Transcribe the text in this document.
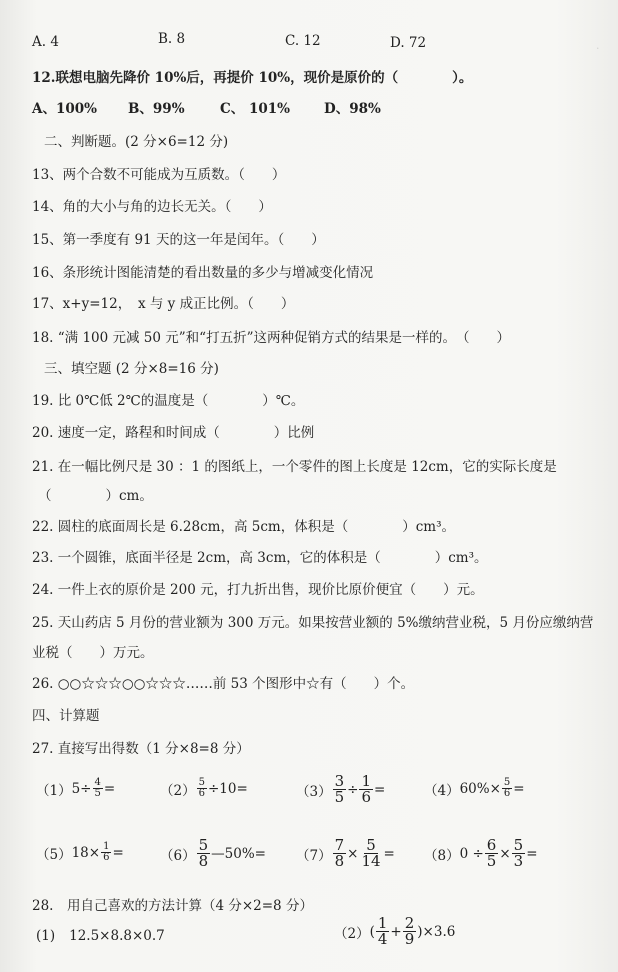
·
A. 4	B. 8	C. 12	D. 72
12.联想电脑先降价 10%后，再提价 10%，现价是原价的（　　　　）。
A、100% B、99%	C、 101%	D、98%
二、判断题。(2 分×6=12 分)
13、两个合数不可能成为互质数。（　　）
14、角的大小与角的边长无关。（　　）
15、第一季度有 91 天的这一年是闰年。（　　）
16、条形统计图能清楚的看出数量的多少与增减变化情况
17、x+y=12，　x 与 y 成正比例。（　　）
18. “满 100 元减 50 元”和“打五折”这两种促销方式的结果是一样的。　（　　）
三、填空题 (2 分×8=16 分)
19. 比 0℃低 2℃的温度是（　　　　）℃。
20. 速度一定，路程和时间成（　　　　）比例
21. 在一幅比例尺是 30 ：1 的图纸上，一个零件的图上长度是 12cm，它的实际长度是
（　　　　）cm。
22. 圆柱的底面周长是 6.28cm，高 5cm，体积是（　　　　）cm³。
23. 一个圆锥，底面半径是 2cm，高 3cm，它的体积是（　　　　）cm³。
24. 一件上衣的原价是 200 元，打九折出售，现价比原价便宜（　　）元。
25. 天山药店 5 月份的营业额为 300 万元。如果按营业额的 5%缴纳营业税，5 月份应缴纳营
业税（　　）万元。
26. ○○☆☆☆○○☆☆☆……前 53 个图形中☆有（　　）个。
四、计算题
27. 直接写出得数（1 分×8=8 分）
（1） $5\div \frac{4}{5}$ =	$(2) \frac{5}{6} \div 10=$	$(3) \frac{3}{5} \div \frac{1}{6}$ =	（4） $60\%\times \frac{5}{6}$ =
（5） $18\times \frac{1}{6}$ =	$(6) \frac{5}{8}$ —50%= $(7) \frac{7}{8} \times \frac{5}{14} = (8) 0 \div \frac{6}{5} \times \frac{5}{3}$ =
28.　用自己喜欢的方法计算（4 分×2=8 分）
(1) 12.5×8.8×0.7	（2） ( $\frac{1}{4} + \frac{2}{9} )\times 3.6$
